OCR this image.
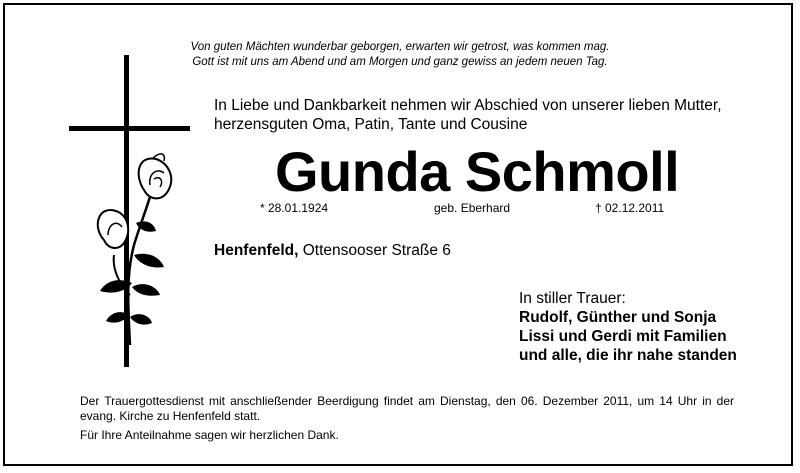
Von guten Mächten wunderbar geborgen, erwarten wir getrost, was kommen mag.
Gott ist mit uns am Abend und am Morgen und ganz gewiss an jedem neuen Tag.
In Liebe und Dankbarkeit nehmen wir Abschied von unserer lieben Mutter,
herzensguten Oma, Patin, Tante und Cousine
Gunda Schmoll
* 28.01.1924	geb. Eberhard	† 02.12.2011
Henfenfeld, Ottensooser Straße 6
In stiller Trauer:
Rudolf, Günther und Sonja
Lissi und Gerdi mit Familien
und alle, die ihr nahe standen
Der Trauergottesdienst mit anschließender Beerdigung findet am Dienstag, den 06. Dezember 2011, um 14 Uhr in der evang. Kirche zu Henfenfeld statt.
Für Ihre Anteilnahme sagen wir herzlichen Dank.
